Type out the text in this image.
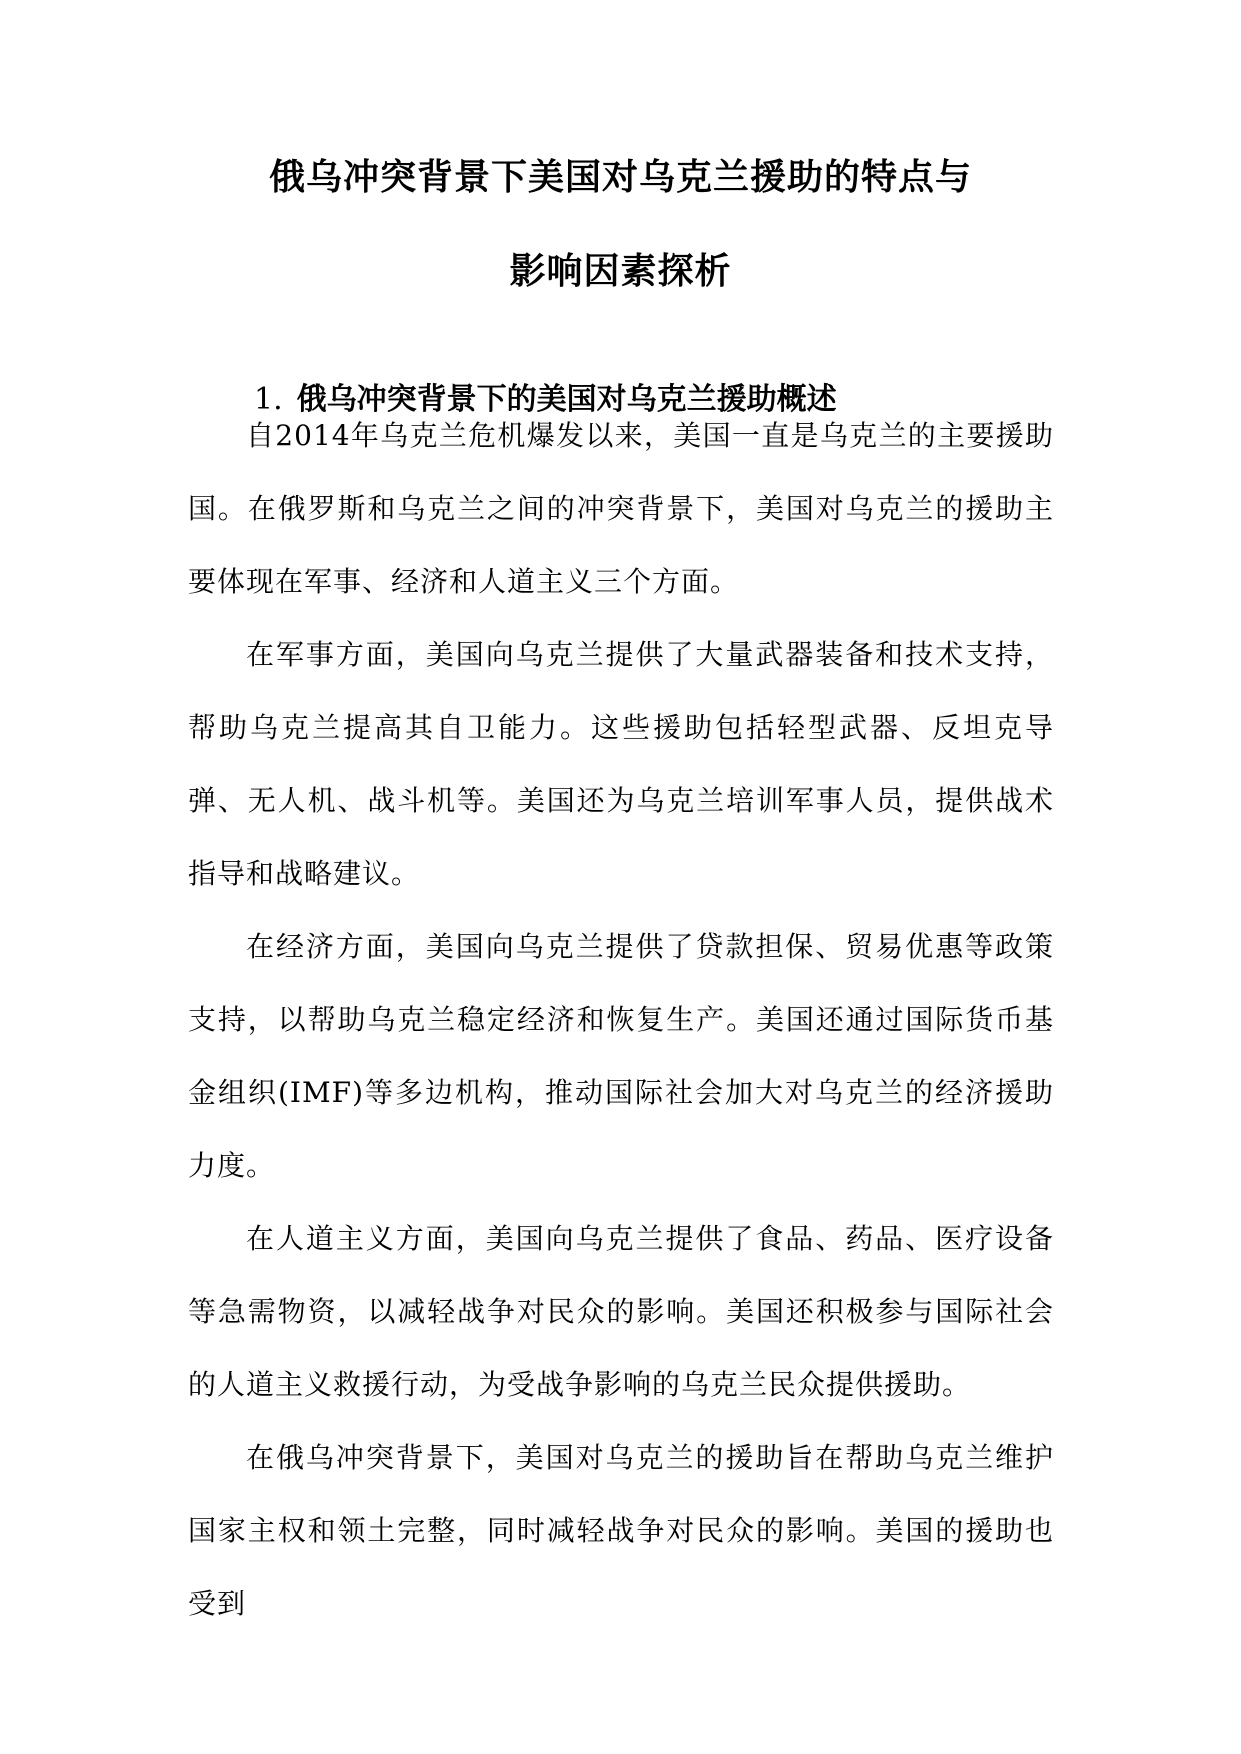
俄乌冲突背景下美国对乌克兰援助的特点与
影响因素探析
1. 俄乌冲突背景下的美国对乌克兰援助概述

自2014年乌克兰危机爆发以来，美国一直是乌克兰的主要援助国。在俄罗斯和乌克兰之间的冲突背景下，美国对乌克兰的援助主要体现在军事、经济和人道主义三个方面。

在军事方面，美国向乌克兰提供了大量武器装备和技术支持，帮助乌克兰提高其自卫能力。这些援助包括轻型武器、反坦克导弹、无人机、战斗机等。美国还为乌克兰培训军事人员，提供战术指导和战略建议。

在经济方面，美国向乌克兰提供了贷款担保、贸易优惠等政策支持，以帮助乌克兰稳定经济和恢复生产。美国还通过国际货币基金组织(IMF)等多边机构，推动国际社会加大对乌克兰的经济援助力度。

在人道主义方面，美国向乌克兰提供了食品、药品、医疗设备等急需物资，以减轻战争对民众的影响。美国还积极参与国际社会的人道主义救援行动，为受战争影响的乌克兰民众提供援助。

在俄乌冲突背景下，美国对乌克兰的援助旨在帮助乌克兰维护国家主权和领土完整，同时减轻战争对民众的影响。美国的援助也受到
